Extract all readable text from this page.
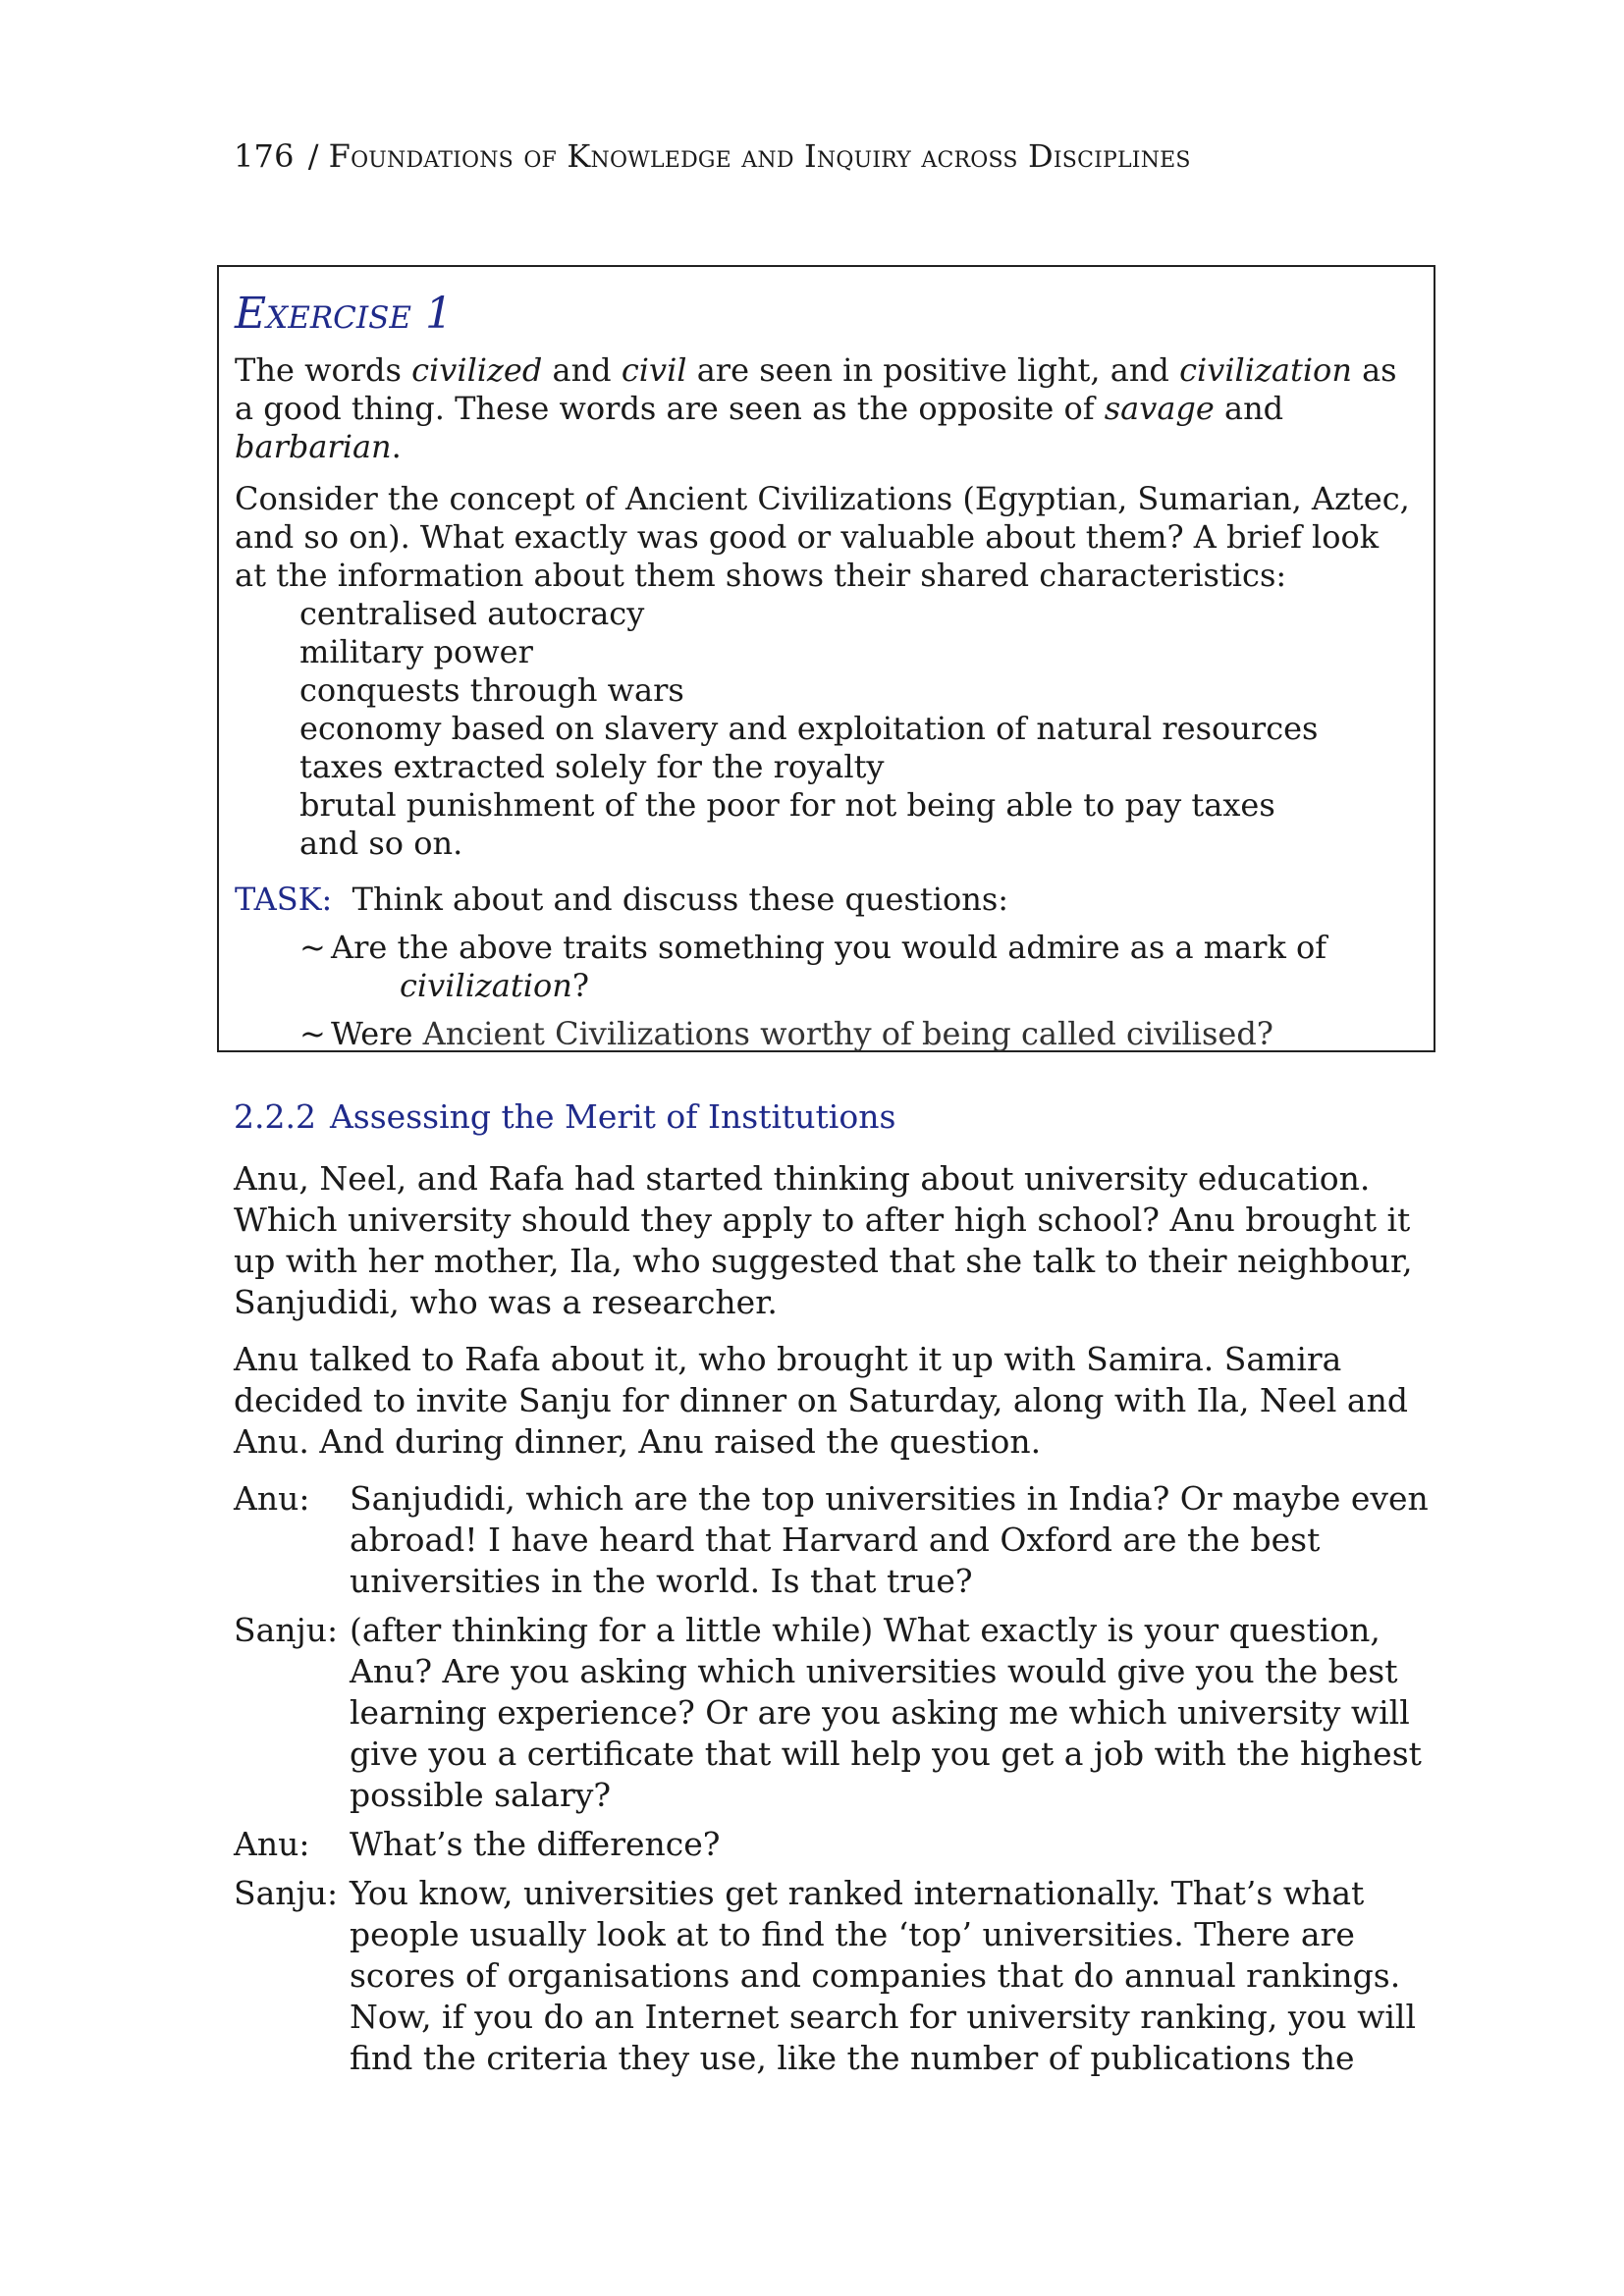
176 / Foundations of Knowledge and Inquiry across Disciplines
Exercise 1

The words civilized and civil are seen in positive light, and civilization as a good thing. These words are seen as the opposite of savage and barbarian.

Consider the concept of Ancient Civilizations (Egyptian, Sumarian, Aztec, and so on). What exactly was good or valuable about them? A brief look at the information about them shows their shared characteristics:

centralised autocracy
military power
conquests through wars
economy based on slavery and exploitation of natural resources
taxes extracted solely for the royalty
brutal punishment of the poor for not being able to pay taxes
and so on.

TASK: Think about and discuss these questions:

~ Are the above traits something you would admire as a mark of
civilization?
~ Were Ancient Civilizations worthy of being called civilised?
2.2.2 Assessing the Merit of Institutions

Anu, Neel, and Rafa had started thinking about university education. Which university should they apply to after high school? Anu brought it up with her mother, Ila, who suggested that she talk to their neighbour, Sanjudidi, who was a researcher.

Anu talked to Rafa about it, who brought it up with Samira. Samira decided to invite Sanju for dinner on Saturday, along with Ila, Neel and Anu. And during dinner, Anu raised the question.

Anu:	Sanjudidi, which are the top universities in India? Or maybe even abroad! I have heard that Harvard and Oxford are the best universities in the world. Is that true?
Sanju: (after thinking for a little while) What exactly is your question, Anu? Are you asking which universities would give you the best learning experience? Or are you asking me which university will give you a certificate that will help you get a job with the highest possible salary?
Anu:	What’s the difference?
Sanju: You know, universities get ranked internationally. That’s what people usually look at to find the ‘top’ universities. There are scores of organisations and companies that do annual rankings. Now, if you do an Internet search for university ranking, you will find the criteria they use, like the number of publications the
